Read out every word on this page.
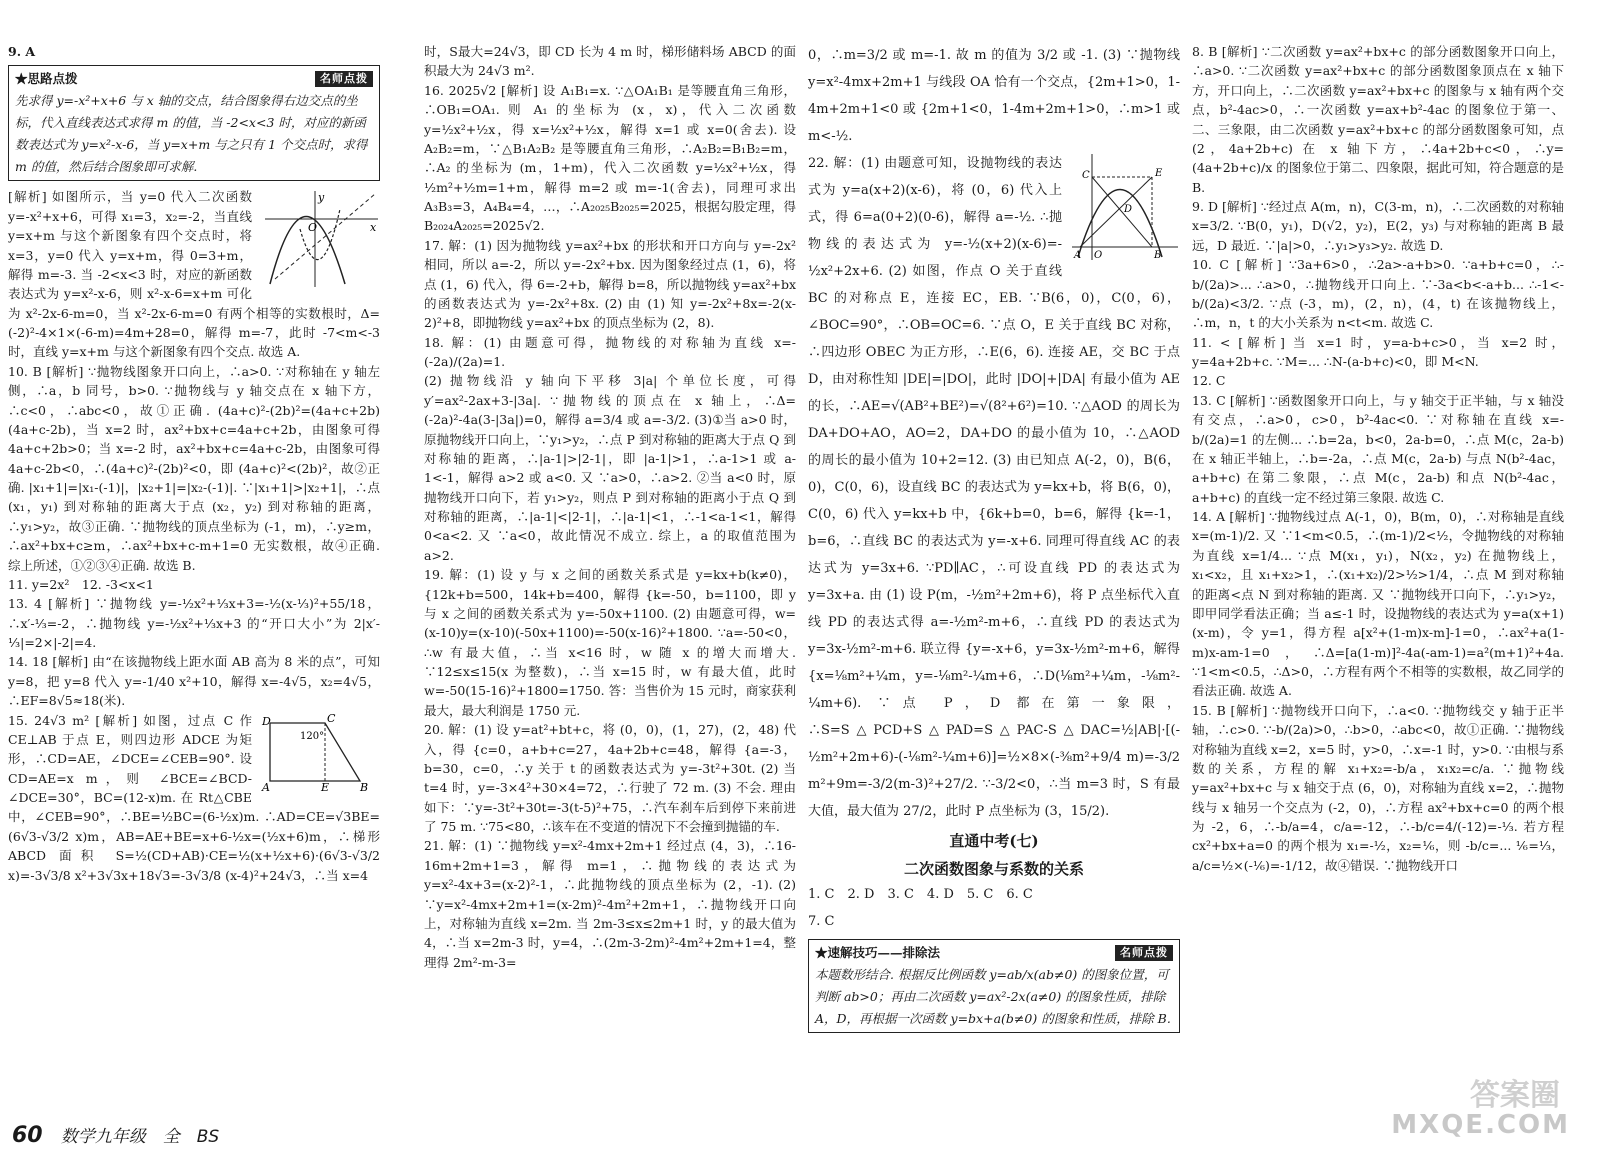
9. A

★思路点拨	名师点拨
先求得 y=-x²+x+6 与 x 轴的交点，结合图象得右边交点的坐标，代入直线表达式求得 m 的值，当 -2<x<3 时，对应的新函数表达式为 y=x²-x-6，当 y=x+m 与之只有 1 个交点时，求得 m 的值，然后结合图象即可求解.
O	x
y

[解析] 如图所示，当 y=0 代入二次函数 y=-x²+x+6，可得 x₁=3，x₂=-2，当直线 y=x+m 与这个新图象有四个交点时，将 x=3，y=0 代入 y=x+m，得 0=3+m，解得 m=-3. 当 -2<x<3 时，对应的新函数表达式为 y=x²-x-6，则 x²-x-6=x+m 可化为 x²-2x-6-m=0，当 x²-2x-6-m=0 有两个相等的实数根时，Δ=(-2)²-4×1×(-6-m)=4m+28=0，解得 m=-7，此时 -7<m<-3 时，直线 y=x+m 与这个新图象有四个交点. 故选 A.

10. B [解析] ∵抛物线图象开口向上，∴a>0. ∵对称轴在 y 轴左侧，∴a，b 同号，b>0. ∵抛物线与 y 轴交点在 x 轴下方，∴c<0，∴abc<0，故①正确. (4a+c)²-(2b)²=(4a+c+2b)(4a+c-2b)，当 x=2 时，ax²+bx+c=4a+c+2b，由图象可得 4a+c+2b>0；当 x=-2 时，ax²+bx+c=4a+c-2b，由图象可得 4a+c-2b<0，∴(4a+c)²-(2b)²<0，即 (4a+c)²<(2b)²，故②正确. |x₁+1|=|x₁-(-1)|，|x₂+1|=|x₂-(-1)|. ∵|x₁+1|>|x₂+1|，∴点 (x₁，y₁) 到对称轴的距离大于点 (x₂，y₂) 到对称轴的距离，∴y₁>y₂，故③正确. ∵抛物线的顶点坐标为 (-1，m)，∴y≥m，∴ax²+bx+c≥m，∴ax²+bx+c-m+1=0 无实数根，故④正确. 综上所述，①②③④正确. 故选 B.

11. y=2x²　12. -3<x<1

13. 4 [解析] ∵抛物线 y=-½x²+⅓x+3=-½(x-⅓)²+55/18，∴x′-⅓=-2，∴抛物线 y=-½x²+⅓x+3 的“开口大小”为 2|x′-⅓|=2×|-2|=4.

14. 18 [解析] 由“在该抛物线上距水面 AB 高为 8 米的点”，可知 y=8，把 y=8 代入 y=-1/40 x²+10，解得 x=-4√5，x₂=4√5，∴EF=8√5≈18(米).

D	C
A	E	B
120°

15. 24√3 m² [解析] 如图，过点 C 作 CE⊥AB 于点 E，则四边形 ADCE 为矩形，∴CD=AE，∠DCE=∠CEB=90°. 设 CD=AE=x m，则 ∠BCE=∠BCD-∠DCE=30°，BC=(12-x)m. 在 Rt△CBE 中，∠CEB=90°，∴BE=½BC=(6-½x)m. ∴AD=CE=√3BE=(6√3-√3/2 x)m，AB=AE+BE=x+6-½x=(½x+6)m，∴梯形 ABCD 面积 S=½(CD+AB)·CE=½(x+½x+6)·(6√3-√3/2 x)=-3√3/8 x²+3√3x+18√3=-3√3/8 (x-4)²+24√3，∴当 x=4

时，S最大=24√3，即 CD 长为 4 m 时，梯形储料场 ABCD 的面积最大为 24√3 m².

16. 2025√2 [解析] 设 A₁B₁=x. ∵△OA₁B₁ 是等腰直角三角形，∴OB₁=OA₁. 则 A₁ 的坐标为 (x，x)，代入二次函数 y=½x²+½x，得 x=½x²+½x，解得 x=1 或 x=0(舍去). 设 A₂B₂=m，∵△B₁A₂B₂ 是等腰直角三角形，∴A₂B₂=B₁B₂=m，∴A₂ 的坐标为 (m，1+m)，代入二次函数 y=½x²+½x，得 ½m²+½m=1+m，解得 m=2 或 m=-1(舍去)，同理可求出 A₃B₃=3，A₄B₄=4，…，∴A₂₀₂₅B₂₀₂₅=2025，根据勾股定理，得 B₂₀₂₄A₂₀₂₅=2025√2.

17. 解：(1) 因为抛物线 y=ax²+bx 的形状和开口方向与 y=-2x² 相同，所以 a=-2，所以 y=-2x²+bx. 因为图象经过点 (1，6)，将点 (1，6) 代入，得 6=-2+b，解得 b=8，所以抛物线 y=ax²+bx 的函数表达式为 y=-2x²+8x. (2) 由 (1) 知 y=-2x²+8x=-2(x-2)²+8，即抛物线 y=ax²+bx 的顶点坐标为 (2，8).

18. 解：(1) 由题意可得，抛物线的对称轴为直线 x=-(-2a)/(2a)=1.

(2) 抛物线沿 y 轴向下平移 3|a| 个单位长度，可得 y′=ax²-2ax+3-|3a|. ∵抛物线的顶点在 x 轴上，∴Δ=(-2a)²-4a(3-|3a|)=0，解得 a=3/4 或 a=-3/2. (3)①当 a>0 时，原抛物线开口向上，∵y₁>y₂，∴点 P 到对称轴的距离大于点 Q 到对称轴的距离，∴|a-1|>|2-1|，即 |a-1|>1，∴a-1>1 或 a-1<-1，解得 a>2 或 a<0. 又 ∵a>0，∴a>2. ②当 a<0 时，原抛物线开口向下，若 y₁>y₂，则点 P 到对称轴的距离小于点 Q 到对称轴的距离，∴|a-1|<|2-1|，∴|a-1|<1，∴-1<a-1<1，解得 0<a<2. 又 ∵a<0，故此情况不成立. 综上，a 的取值范围为 a>2.

19. 解：(1) 设 y 与 x 之间的函数关系式是 y=kx+b(k≠0)，{12k+b=500，14k+b=400，解得 {k=-50，b=1100，即 y 与 x 之间的函数关系式为 y=-50x+1100. (2) 由题意可得，w=(x-10)y=(x-10)(-50x+1100)=-50(x-16)²+1800. ∵a=-50<0，∴w 有最大值，∴当 x<16 时，w 随 x 的增大而增大. ∵12≤x≤15(x 为整数)，∴当 x=15 时，w 有最大值，此时 w=-50(15-16)²+1800=1750. 答：当售价为 15 元时，商家获利最大，最大利润是 1750 元.

20. 解：(1) 设 y=at²+bt+c，将 (0，0)，(1，27)，(2，48) 代入，得 {c=0，a+b+c=27，4a+2b+c=48，解得 {a=-3，b=30，c=0，∴y 关于 t 的函数表达式为 y=-3t²+30t. (2) 当 t=4 时，y=-3×4²+30×4=72，∴行驶了 72 m. (3) 不会. 理由如下：∵y=-3t²+30t=-3(t-5)²+75，∴汽车刹车后到停下来前进了 75 m. ∵75<80，∴该车在不变道的情况下不会撞到抛锚的车.

21. 解：(1) ∵抛物线 y=x²-4mx+2m+1 经过点 (4，3)，∴16-16m+2m+1=3，解得 m=1，∴抛物线的表达式为 y=x²-4x+3=(x-2)²-1，∴此抛物线的顶点坐标为 (2，-1). (2) ∵y=x²-4mx+2m+1=(x-2m)²-4m²+2m+1，∴抛物线开口向上，对称轴为直线 x=2m. 当 2m-3≤x≤2m+1 时，y 的最大值为 4，∴当 x=2m-3 时，y=4，∴(2m-3-2m)²-4m²+2m+1=4，整理得 2m²-m-3=

0，∴m=3/2 或 m=-1. 故 m 的值为 3/2 或 -1. (3) ∵抛物线 y=x²-4mx+2m+1 与线段 OA 恰有一个交点，{2m+1>0，1-4m+2m+1<0 或 {2m+1<0，1-4m+2m+1>0，∴m>1 或 m<-½.

A	B
C
D
E
O

22. 解：(1) 由题意可知，设抛物线的表达式为 y=a(x+2)(x-6)，将 (0，6) 代入上式，得 6=a(0+2)(0-6)，解得 a=-½. ∴抛物线的表达式为 y=-½(x+2)(x-6)=-½x²+2x+6. (2) 如图，作点 O 关于直线 BC 的对称点 E，连接 EC，EB. ∵B(6，0)，C(0，6)，∠BOC=90°，∴OB=OC=6. ∵点 O，E 关于直线 BC 对称，∴四边形 OBEC 为正方形，∴E(6，6). 连接 AE，交 BC 于点 D，由对称性知 |DE|=|DO|，此时 |DO|+|DA| 有最小值为 AE 的长，∴AE=√(AB²+BE²)=√(8²+6²)=10. ∵△AOD 的周长为 DA+DO+AO，AO=2，DA+DO 的最小值为 10，∴△AOD 的周长的最小值为 10+2=12. (3) 由已知点 A(-2，0)，B(6，0)，C(0，6)，设直线 BC 的表达式为 y=kx+b，将 B(6，0)，C(0，6) 代入 y=kx+b 中，{6k+b=0，b=6，解得 {k=-1，b=6，∴直线 BC 的表达式为 y=-x+6. 同理可得直线 AC 的表达式为 y=3x+6. ∵PD∥AC，∴可设直线 PD 的表达式为 y=3x+a. 由 (1) 设 P(m，-½m²+2m+6)，将 P 点坐标代入直线 PD 的表达式得 a=-½m²-m+6，∴直线 PD 的表达式为 y=3x-½m²-m+6. 联立得 {y=-x+6，y=3x-½m²-m+6，解得 {x=⅛m²+¼m，y=-⅛m²-¼m+6，∴D(⅛m²+¼m，-⅛m²-¼m+6). ∵点 P，D 都在第一象限，∴S=S△PCD+S△PAD=S△PAC-S△DAC=½|AB|·[(-½m²+2m+6)-(-⅛m²-¼m+6)]=½×8×(-⅜m²+9/4 m)=-3/2 m²+9m=-3/2(m-3)²+27/2. ∵-3/2<0，∴当 m=3 时，S 有最大值，最大值为 27/2，此时 P 点坐标为 (3，15/2).

直通中考(七)
二次函数图象与系数的关系

1. C　2. D　3. C　4. D　5. C　6. C

7. C

★速解技巧——排除法	名师点拨
本题数形结合. 根据反比例函数 y=ab/x(ab≠0) 的图象位置，可判断 ab>0；再由二次函数 y=ax²-2x(a≠0) 的图象性质，排除 A，D，再根据一次函数 y=bx+a(b≠0) 的图象和性质，排除 B.

8. B [解析] ∵二次函数 y=ax²+bx+c 的部分函数图象开口向上，∴a>0. ∵二次函数 y=ax²+bx+c 的部分函数图象顶点在 x 轴下方，开口向上，∴二次函数 y=ax²+bx+c 的图象与 x 轴有两个交点，b²-4ac>0，∴一次函数 y=ax+b²-4ac 的图象位于第一、二、三象限，由二次函数 y=ax²+bx+c 的部分函数图象可知，点 (2，4a+2b+c) 在 x 轴下方，∴4a+2b+c<0，∴y=(4a+2b+c)/x 的图象位于第二、四象限，据此可知，符合题意的是 B.

9. D [解析] ∵经过点 A(m，n)，C(3-m，n)，∴二次函数的对称轴 x=3/2. ∵B(0，y₁)，D(√2，y₂)，E(2，y₃) 与对称轴的距离 B 最远，D 最近. ∵|a|>0，∴y₁>y₃>y₂. 故选 D.

10. C [解析] ∵3a+6>0，∴2a>-a+b>0. ∵a+b+c=0，∴-b/(2a)>... ∴a>0，∴抛物线开口向上. ∵-3a<b<-a+b... ∴-1<-b/(2a)<3/2. ∵点 (-3，m)，(2，n)，(4，t) 在该抛物线上，∴m，n，t 的大小关系为 n<t<m. 故选 C.

11. < [解析] 当 x=1 时，y=a-b+c>0，当 x=2 时，y=4a+2b+c. ∵M=... ∴N-(a-b+c)<0，即 M<N.

12. C

13. C [解析] ∵函数图象开口向上，与 y 轴交于正半轴，与 x 轴没有交点，∴a>0，c>0，b²-4ac<0. ∵对称轴在直线 x=-b/(2a)=1 的左侧... ∴b=2a，b<0，2a-b=0，∴点 M(c，2a-b) 在 x 轴正半轴上，∴b=-2a，∴点 M(c，2a-b) 与点 N(b²-4ac，a+b+c) 在第二象限，∴点 M(c，2a-b) 和点 N(b²-4ac，a+b+c) 的直线一定不经过第三象限. 故选 C.

14. A [解析] ∵抛物线过点 A(-1，0)，B(m，0)，∴对称轴是直线 x=(m-1)/2. 又 ∵1<m<0.5，∴(m-1)/2<½，令抛物线的对称轴为直线 x=1/4... ∵点 M(x₁，y₁)，N(x₂，y₂) 在抛物线上，x₁<x₂，且 x₁+x₂>1，∴(x₁+x₂)/2>½>1/4，∴点 M 到对称轴的距离<点 N 到对称轴的距离. 又 ∵抛物线开口向下，∴y₁>y₂，即甲同学看法正确；当 a≤-1 时，设抛物线的表达式为 y=a(x+1)(x-m)，令 y=1，得方程 a[x²+(1-m)x-m]-1=0，∴ax²+a(1-m)x-am-1=0，∴Δ=[a(1-m)]²-4a(-am-1)=a²(m+1)²+4a. ∵1<m<0.5，∴Δ>0，∴方程有两个不相等的实数根，故乙同学的看法正确. 故选 A.

15. B [解析] ∵抛物线开口向下，∴a<0. ∵抛物线交 y 轴于正半轴，∴c>0. ∵-b/(2a)>0，∴b>0，∴abc<0，故①正确. ∵抛物线对称轴为直线 x=2，x=5 时，y>0，∴x=-1 时，y>0. ∵由根与系数的关系，方程的解 x₁+x₂=-b/a，x₁x₂=c/a. ∵抛物线 y=ax²+bx+c 与 x 轴交于点 (6，0)，对称轴为直线 x=2，∴抛物线与 x 轴另一个交点为 (-2，0)，∴方程 ax²+bx+c=0 的两个根为 -2，6，∴-b/a=4，c/a=-12，∴-b/c=4/(-12)=-⅓. 若方程 cx²+bx+a=0 的两个根为 x₁=-½，x₂=⅙，则 -b/c=... ⅙=⅓，a/c=½×(-⅙)=-1/12，故④错误. ∵抛物线开口

60 数学九年级　全　BS
答案圈
MXQE.COM
